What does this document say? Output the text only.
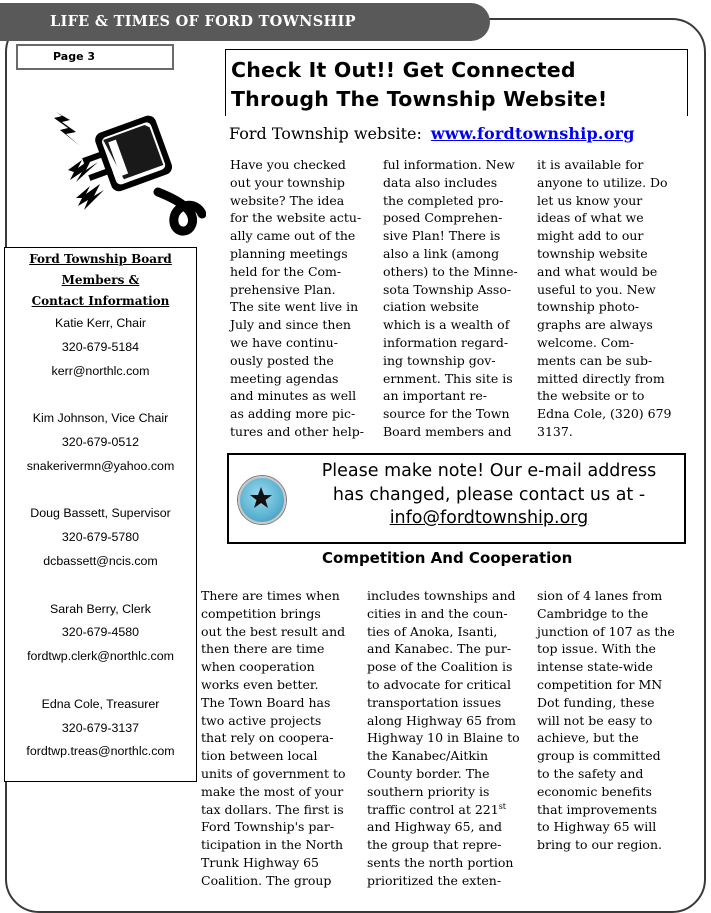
LIFE & TIMES OF FORD TOWNSHIP
Page 3
Ford Township Board
Members &
Contact Information
Katie Kerr, Chair
320-679-5184
kerr@northlc.com
Kim Johnson, Vice Chair
320-679-0512
snakerivermn@yahoo.com
Doug Bassett, Supervisor
320-679-5780
dcbassett@ncis.com
Sarah Berry, Clerk
320-679-4580
fordtwp.clerk@northlc.com
Edna Cole, Treasurer
320-679-3137
fordtwp.treas@northlc.com
Check It Out!! Get Connected
Through The Township Website!
Ford Township website: www.fordtownship.org
Have you checked
out your township
website? The idea
for the website actu-
ally came out of the
planning meetings
held for the Com-
prehensive Plan.
The site went live in
July and since then
we have continu-
ously posted the
meeting agendas
and minutes as well
as adding more pic-
tures and other help-
ful information. New
data also includes
the completed pro-
posed Comprehen-
sive Plan! There is
also a link (among
others) to the Minne-
sota Township Asso-
ciation website
which is a wealth of
information regard-
ing township gov-
ernment. This site is
an important re-
source for the Town
Board members and
it is available for
anyone to utilize. Do
let us know your
ideas of what we
might add to our
township website
and what would be
useful to you. New
township photo-
graphs are always
welcome. Com-
ments can be sub-
mitted directly from
the website or to
Edna Cole, (320) 679
3137.
Please make note! Our e-mail address
has changed, please contact us at -
info@fordtownship.org
Competition And Cooperation
There are times when
competition brings
out the best result and
then there are time
when cooperation
works even better.
The Town Board has
two active projects
that rely on coopera-
tion between local
units of government to
make the most of your
tax dollars. The first is
Ford Township's par-
ticipation in the North
Trunk Highway 65
Coalition. The group
includes townships and
cities in and the coun-
ties of Anoka, Isanti,
and Kanabec. The pur-
pose of the Coalition is
to advocate for critical
transportation issues
along Highway 65 from
Highway 10 in Blaine to
the Kanabec/Aitkin
County border. The
southern priority is
traffic control at 221st
and Highway 65, and
the group that repre-
sents the north portion
prioritized the exten-
sion of 4 lanes from
Cambridge to the
junction of 107 as the
top issue. With the
intense state-wide
competition for MN
Dot funding, these
will not be easy to
achieve, but the
group is committed
to the safety and
economic benefits
that improvements
to Highway 65 will
bring to our region.
